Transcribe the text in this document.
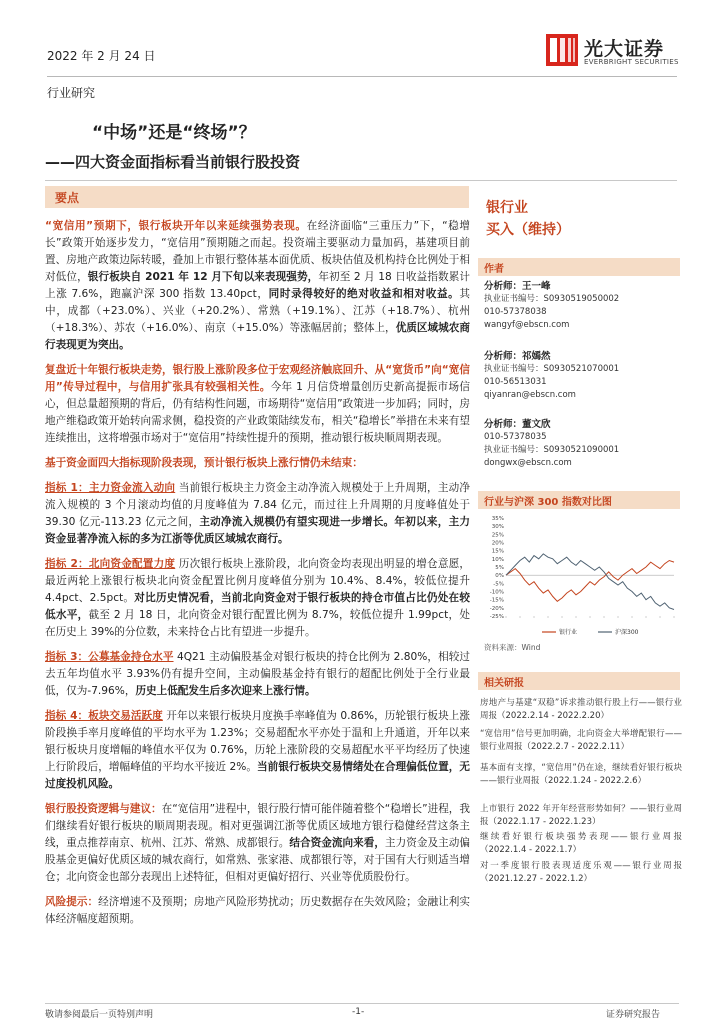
2022 年 2 月 24 日	光大证券
EVERBRIGHT SECURITIES
行业研究
“中场”还是“终场”？
——四大资金面指标看当前银行股投资
要点

“宽信用”预期下，银行板块开年以来延续强势表现。在经济面临“三重压力”下，“稳增长”政策开始逐步发力，“宽信用”预期随之而起。投资端主要驱动力量加码，基建项目前置、房地产政策边际转暖，叠加上市银行整体基本面优质、板块估值及机构持仓比例处于相对低位，银行板块自 2021 年 12 月下旬以来表现强势，年初至 2 月 18 日收益指数累计上涨 7.6%，跑赢沪深 300 指数 13.40pct，同时录得较好的绝对收益和相对收益。其中，成都（+23.0%）、兴业（+20.2%）、常熟（+19.1%）、江苏（+18.7%）、杭州（+18.3%）、苏农（+16.0%）、南京（+15.0%）等涨幅居前；整体上，优质区域城农商行表现更为突出。

复盘近十年银行板块走势，银行股上涨阶段多位于宏观经济触底回升、从“宽货币”向“宽信用”传导过程中，与信用扩张具有较强相关性。今年 1 月信贷增量创历史新高提振市场信心，但总量超预期的背后，仍有结构性问题，市场期待“宽信用”政策进一步加码；同时，房地产维稳政策开始转向需求侧，稳投资的产业政策陆续发布，相关“稳增长”举措在未来有望连续推出，这将增强市场对于“宽信用”持续性提升的预期，推动银行板块顺周期表现。

基于资金面四大指标现阶段表现，预计银行板块上涨行情仍未结束：

指标 1：主力资金流入动向 当前银行板块主力资金主动净流入规模处于上升周期，主动净流入规模的 3 个月滚动均值的月度峰值为 7.84 亿元，而过往上升周期的月度峰值处于 39.30 亿元-113.23 亿元之间，主动净流入规模仍有望实现进一步增长。年初以来，主力资金显著净流入标的多为江浙等优质区域城农商行。

指标 2：北向资金配置力度 历次银行板块上涨阶段，北向资金均表现出明显的增仓意愿，最近两轮上涨银行板块北向资金配置比例月度峰值分别为 10.4%、8.4%，较低位提升 4.4pct、2.5pct。对比历史情况看，当前北向资金对于银行板块的持仓市值占比仍处在较低水平，截至 2 月 18 日，北向资金对银行配置比例为 8.7%，较低位提升 1.99pct，处在历史上 39%的分位数，未来持仓占比有望进一步提升。

指标 3：公募基金持仓水平 4Q21 主动偏股基金对银行板块的持仓比例为 2.80%，相较过去五年均值水平 3.93%仍有提升空间，主动偏股基金持有银行的超配比例处于全行业最低，仅为-7.96%，历史上低配发生后多次迎来上涨行情。

指标 4：板块交易活跃度 开年以来银行板块月度换手率峰值为 0.86%，历轮银行板块上涨阶段换手率月度峰值的平均水平为 1.23%；交易超配水平亦处于温和上升通道，开年以来银行板块月度增幅的峰值水平仅为 0.76%，历轮上涨阶段的交易超配水平平均经历了快速上行阶段后，增幅峰值的平均水平接近 2%。当前银行板块交易情绪处在合理偏低位置，无过度投机风险。

银行股投资逻辑与建议：在“宽信用”进程中，银行股行情可能伴随着整个“稳增长”进程，我们继续看好银行板块的顺周期表现。相对更强调江浙等优质区域地方银行稳健经营这条主线，重点推荐南京、杭州、江苏、常熟、成都银行。结合资金流向来看，主力资金及主动偏股基金更偏好优质区域的城农商行，如常熟、张家港、成都银行等，对于国有大行则适当增仓；北向资金也部分表现出上述特征，但相对更偏好招行、兴业等优质股份行。

风险提示：经济增速不及预期；房地产风险形势扰动；历史数据存在失效风险；金融让利实体经济幅度超预期。

银行业
买入（维持）
作者
分析师：王一峰
执业证书编号：S0930519050002
010-57378038
wangyf@ebscn.com
分析师：祁嫣然
执业证书编号：S0930521070001
010-56513031
qiyanran@ebscn.com
分析师：董文欣
010-57378035
执业证书编号：S0930521090001
dongwx@ebscn.com
行业与沪深 300 指数对比图
35%
30%
25%
20%
15%
10%
5%
0%
-5%
-10%
-15%
-20%
-25%
银行业	沪深300
资料来源：Wind
相关研报
房地产与基建“双稳”诉求推动银行股上行——银行业周报（2022.2.14 - 2022.2.20）
“宽信用”信号更加明确，北向资金大举增配银行——银行业周报（2022.2.7 - 2022.2.11）
基本面有支撑，“宽信用”仍在途，继续看好银行板块——银行业周报（2022.1.24 - 2022.2.6）
上市银行 2022 年开年经营形势如何？——银行业周报（2022.1.17 - 2022.1.23）
继续看好银行板块强势表现——银行业周报（2022.1.4 - 2022.1.7）
对一季度银行股表现适度乐观——银行业周报（2021.12.27 - 2022.1.2）
敬请参阅最后一页特别声明	-1-	证券研究报告
